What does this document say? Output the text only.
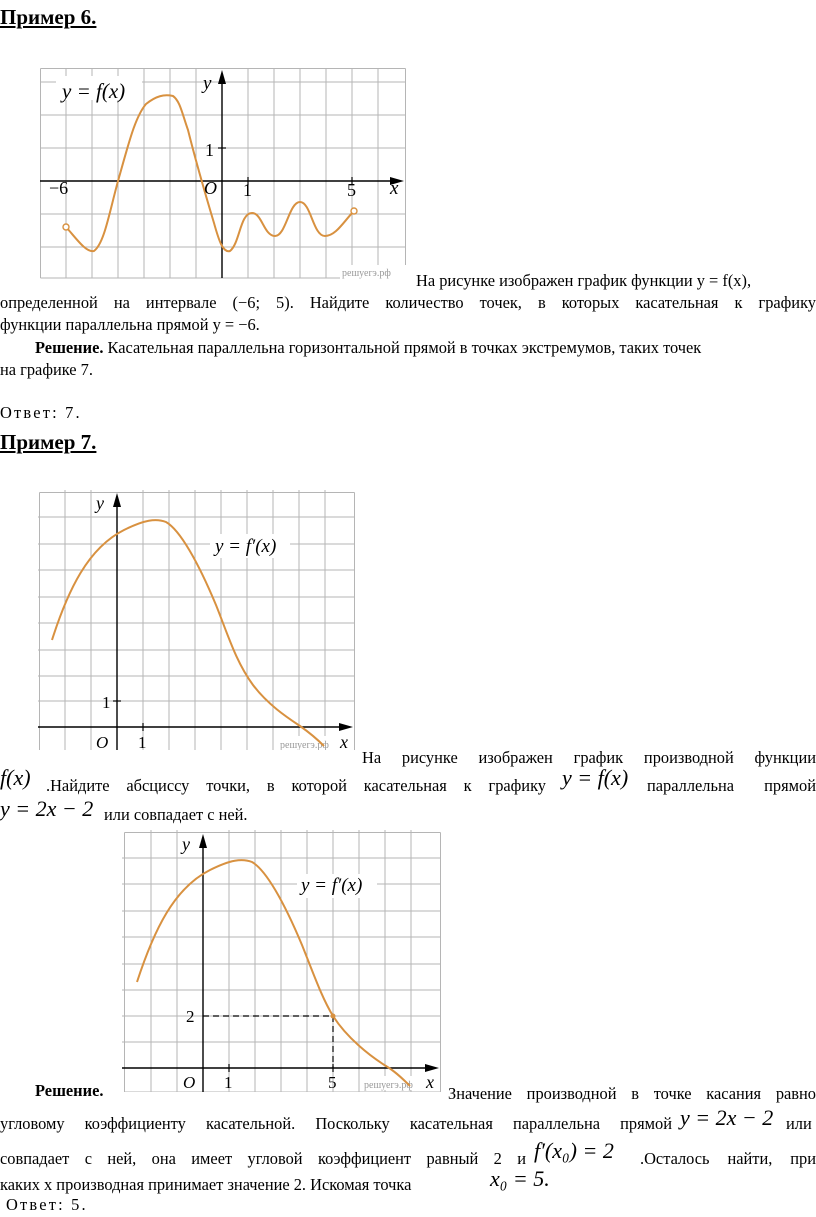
Пример 6.
решуегэ.рф
y = f(x)	y
x
O 1	5
−6
1
На рисунке изображен график функции y = f(x),
определенной на интервале (−6; 5). Найдите количество точек, в которых касательная к графику
функции параллельна прямой y = −6.
Решение. Касательная параллельна горизонтальной прямой в точках экстремумов, таких точек
на графике 7.
Ответ: 7.
Пример 7.
решуегэ.рф
y = f′(x)
y
x
O 1
1
На рисунке изображен график производной функции
f(x) .Найдите абсциссу точки, в которой касательная к графику y = f(x) параллельна прямой
y = 2x − 2 или совпадает с ней.
решуегэ.рф
y = f′(x)
y
x
O 1	5
2
Решение.	Значение производной в точке касания равно
угловому коэффициенту касательной. Поскольку касательная параллельна прямой y = 2x − 2 или
совпадает с ней, она имеет угловой коэффициент равный 2 и f′(x₀) = 2 .Осталось найти, при
каких x производная принимает значение 2. Искомая точка	x₀ = 5.
Ответ: 5.
